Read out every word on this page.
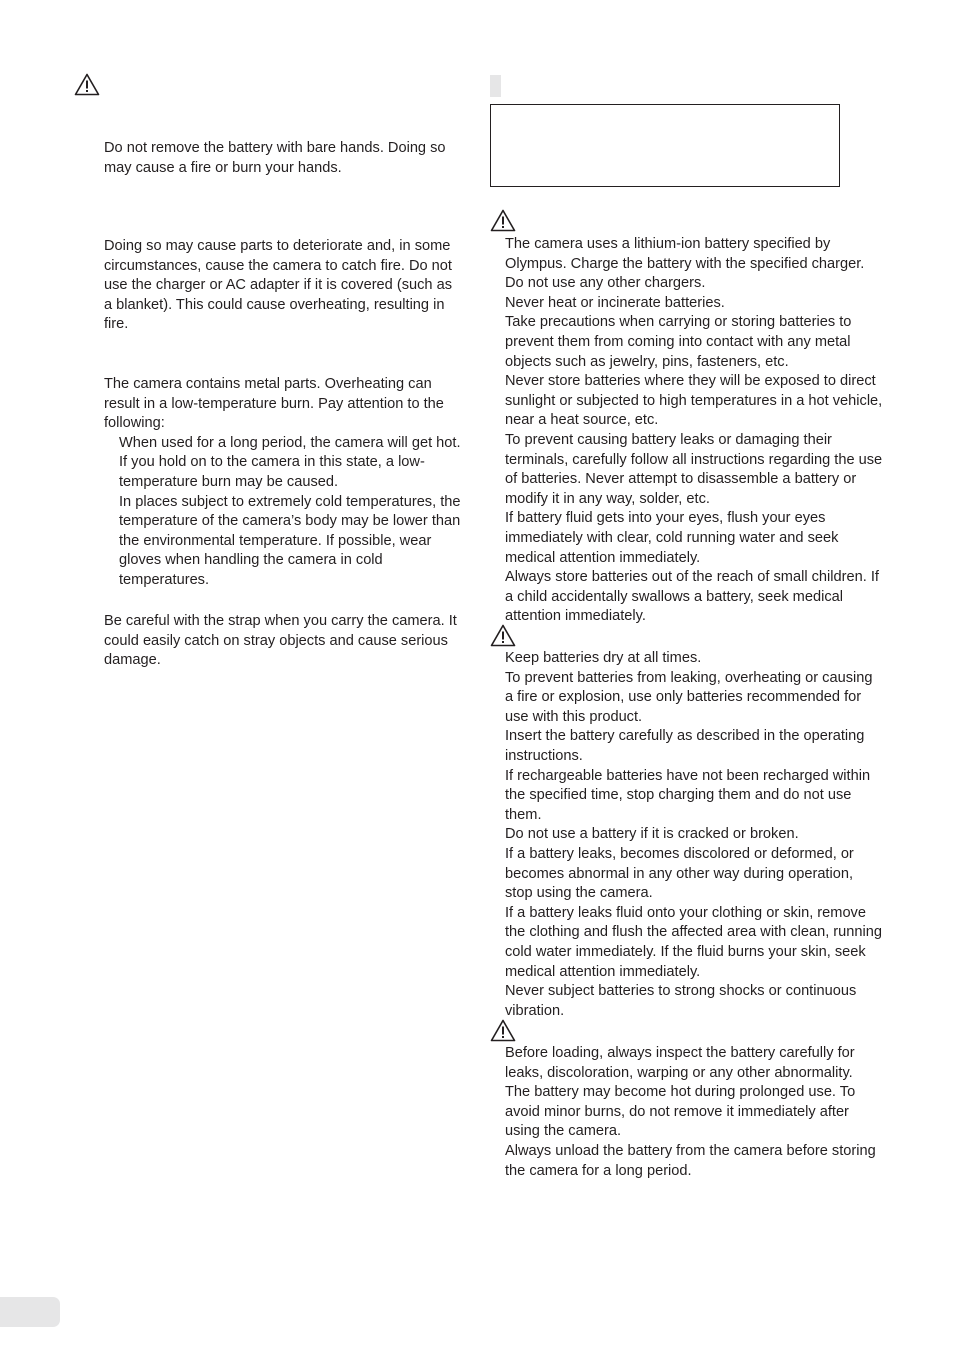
Do not remove the battery with bare hands. Doing so may cause a fire or burn your hands.

Doing so may cause parts to deteriorate and, in some circumstances, cause the camera to catch fire. Do not use the charger or AC adapter if it is covered (such as a blanket). This could cause overheating, resulting in fire.

The camera contains metal parts. Overheating can result in a low-temperature burn. Pay attention to the following:

When used for a long period, the camera will get hot. If you hold on to the camera in this state, a low-temperature burn may be caused.

In places subject to extremely cold temperatures, the temperature of the camera’s body may be lower than the environmental temperature. If possible, wear gloves when handling the camera in cold temperatures.

Be careful with the strap when you carry the camera. It could easily catch on stray objects and cause serious damage.

The camera uses a lithium-ion battery specified by Olympus. Charge the battery with the specified charger. Do not use any other chargers.

Never heat or incinerate batteries.

Take precautions when carrying or storing batteries to prevent them from coming into contact with any metal objects such as jewelry, pins, fasteners, etc.

Never store batteries where they will be exposed to direct sunlight or subjected to high temperatures in a hot vehicle, near a heat source, etc.

To prevent causing battery leaks or damaging their terminals, carefully follow all instructions regarding the use of batteries. Never attempt to disassemble a battery or modify it in any way, solder, etc.

If battery fluid gets into your eyes, flush your eyes immediately with clear, cold running water and seek medical attention immediately.

Always store batteries out of the reach of small children. If a child accidentally swallows a battery, seek medical attention immediately.

Keep batteries dry at all times.

To prevent batteries from leaking, overheating or causing a fire or explosion, use only batteries recommended for use with this product.

Insert the battery carefully as described in the operating instructions.

If rechargeable batteries have not been recharged within the specified time, stop charging them and do not use them.

Do not use a battery if it is cracked or broken.

If a battery leaks, becomes discolored or deformed, or becomes abnormal in any other way during operation, stop using the camera.

If a battery leaks fluid onto your clothing or skin, remove the clothing and flush the affected area with clean, running cold water immediately. If the fluid burns your skin, seek medical attention immediately.

Never subject batteries to strong shocks or continuous vibration.

Before loading, always inspect the battery carefully for leaks, discoloration, warping or any other abnormality.

The battery may become hot during prolonged use. To avoid minor burns, do not remove it immediately after using the camera.

Always unload the battery from the camera before storing the camera for a long period.
